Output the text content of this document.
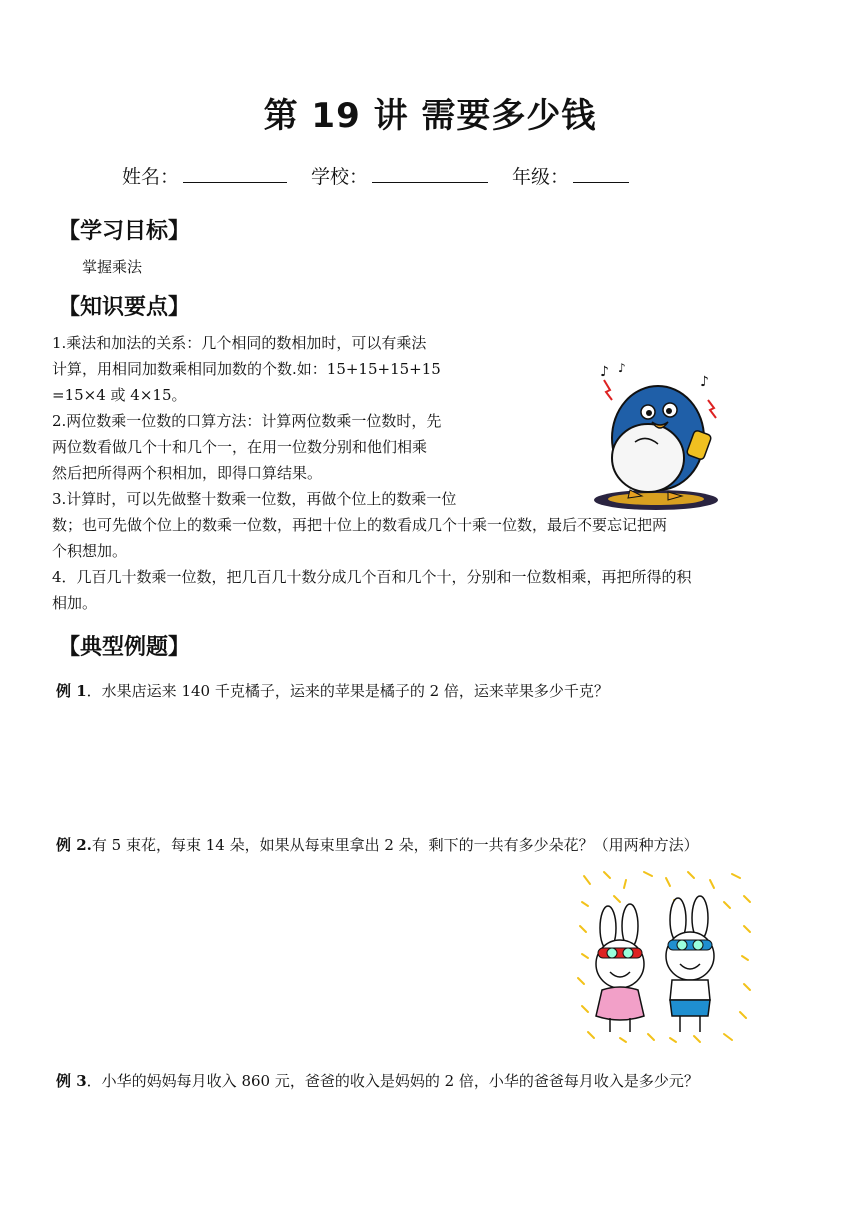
第 19 讲 需要多少钱
姓名：	学校：	年级：
【学习目标】
掌握乘法
【知识要点】
1.乘法和加法的关系：几个相同的数相加时，可以有乘法
计算，用相同加数乘相同加数的个数.如：15+15+15+15
=15×4 或 4×15。
2.两位数乘一位数的口算方法：计算两位数乘一位数时，先
两位数看做几个十和几个一，在用一位数分别和他们相乘
然后把所得两个积相加，即得口算结果。
3.计算时，可以先做整十数乘一位数，再做个位上的数乘一位
数；也可先做个位上的数乘一位数，再把十位上的数看成几个十乘一位数，最后不要忘记把两
个积想加。
4．几百几十数乘一位数，把几百几十数分成几个百和几个十，分别和一位数相乘，再把所得的积
相加。
♪ ♪
♪
【典型例题】
例 1．水果店运来 140 千克橘子，运来的苹果是橘子的 2 倍，运来苹果多少千克？
例 2.有 5 束花，每束 14 朵，如果从每束里拿出 2 朵，剩下的一共有多少朵花？（用两种方法）
例 3．小华的妈妈每月收入 860 元，爸爸的收入是妈妈的 2 倍，小华的爸爸每月收入是多少元？
